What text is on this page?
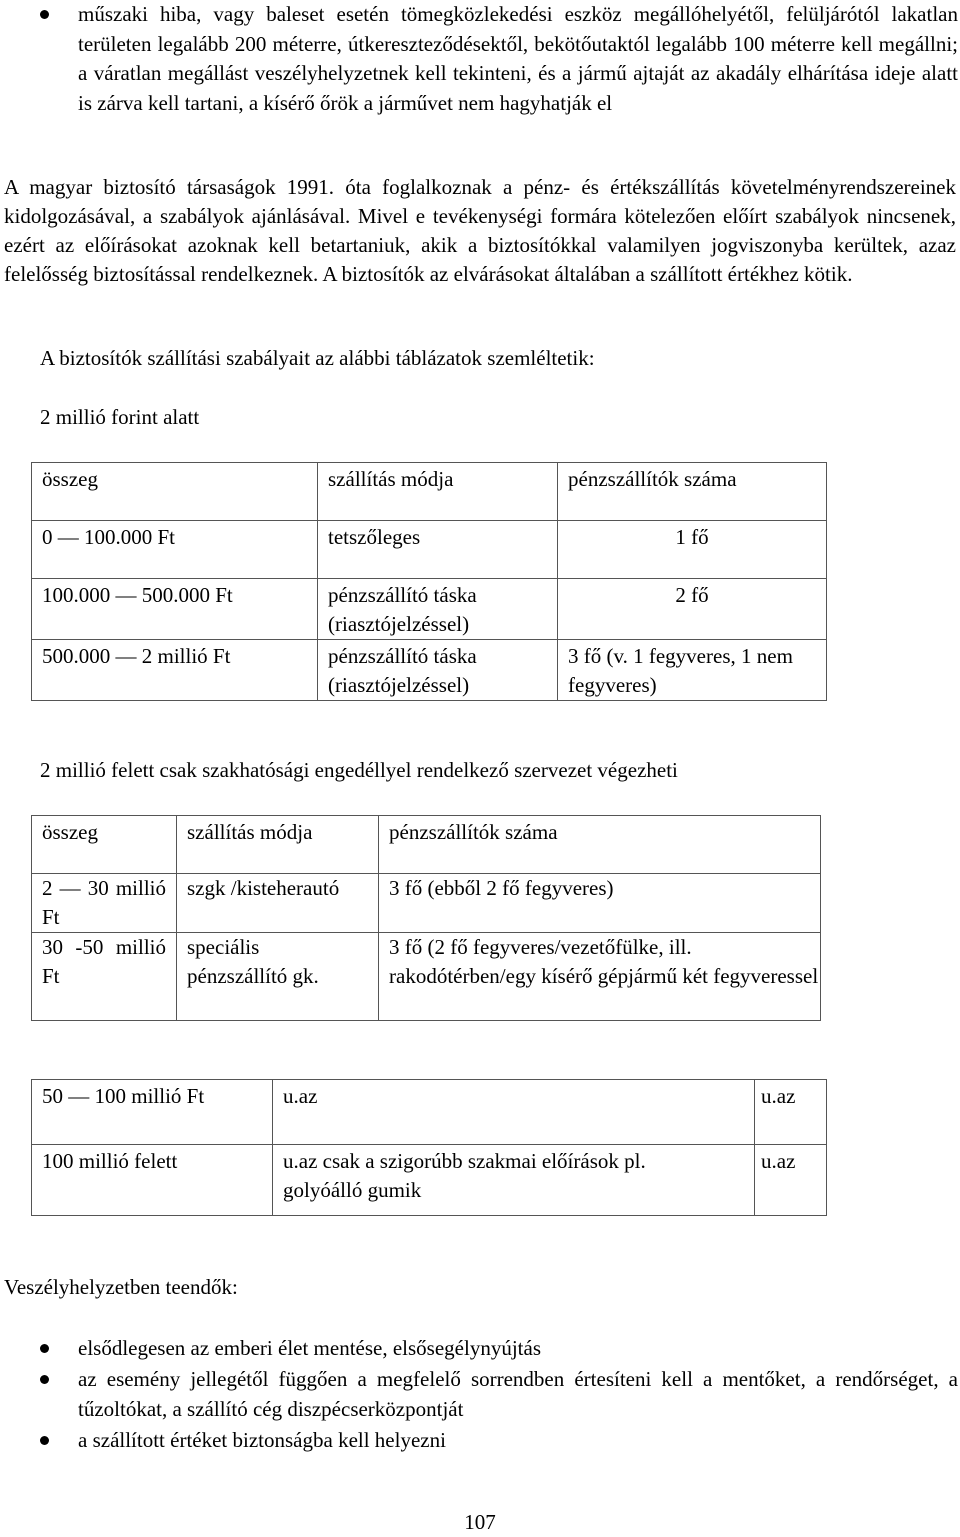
műszaki hiba, vagy baleset esetén tömegközlekedési eszköz megállóhelyétől, felüljárótól lakatlan területen legalább 200 méterre, útkereszteződésektől, bekötőutaktól legalább 100 méterre kell megállni; a váratlan megállást veszélyhelyzetnek kell tekinteni, és a jármű ajtaját az akadály elhárítása ideje alatt is zárva kell tartani, a kísérő őrök a járművet nem hagyhatják el
A magyar biztosító társaságok 1991. óta foglalkoznak a pénz- és értékszállítás követelményrendszereinek kidolgozásával, a szabályok ajánlásával. Mivel e tevékenységi formára kötelezően előírt szabályok nincsenek, ezért az előírásokat azoknak kell betartaniuk, akik a biztosítókkal valamilyen jogviszonyba kerültek, azaz felelősség biztosítással rendelkeznek. A biztosítók az elvárásokat általában a szállított értékhez kötik.
A biztosítók szállítási szabályait az alábbi táblázatok szemléltetik:
2 millió forint alatt
összeg	szállítás módja	pénzszállítók száma
0 — 100.000 Ft	tetszőleges	1 fő
100.000 — 500.000 Ft	pénzszállító táska (riasztójelzéssel)	2 fő
500.000 — 2 millió Ft	pénzszállító táska (riasztójelzéssel)	3 fő (v. 1 fegyveres, 1 nem fegyveres)
2 millió felett csak szakhatósági engedéllyel rendelkező szervezet végezheti
összeg	szállítás módja	pénzszállítók száma
2 — 30 millió Ft	szgk /kisteherautó	3 fő (ebből 2 fő fegyveres)
30 -50 millió Ft	speciális pénzszállító gk.	3 fő (2 fő fegyveres/vezetőfülke, ill. rakodótérben/egy kísérő gépjármű két fegyveressel
50 — 100 millió Ft	u.az	u.az
100 millió felett	u.az csak a szigorúbb szakmai előírások pl. golyóálló gumik	u.az
Veszélyhelyzetben teendők:
elsődlegesen az emberi élet mentése, elsősegélynyújtás
az esemény jellegétől függően a megfelelő sorrendben értesíteni kell a mentőket, a rendőrséget, a tűzoltókat, a szállító cég diszpécserközpontját
a szállított értéket biztonságba kell helyezni
107
